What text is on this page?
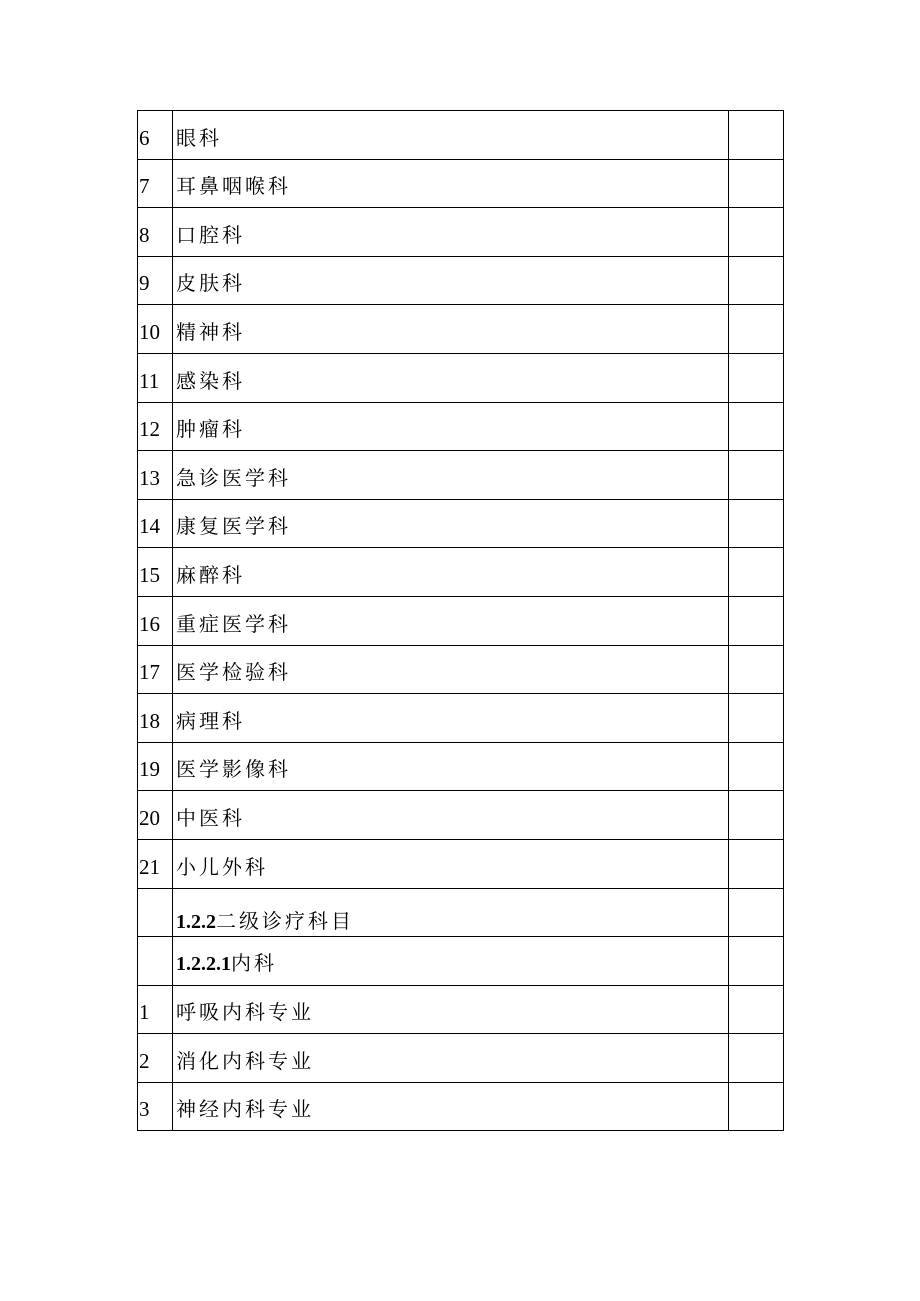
6	眼科	
7	耳鼻咽喉科	
8	口腔科	
9	皮肤科	
10	精神科	
11	感染科	
12	肿瘤科	
13	急诊医学科	
14	康复医学科	
15	麻醉科	
16	重症医学科	
17	医学检验科	
18	病理科	
19	医学影像科	
20	中医科	
21	小儿外科	
	1.2.2二级诊疗科目	
	1.2.2.1内科	
1	呼吸内科专业	
2	消化内科专业	
3	神经内科专业	
